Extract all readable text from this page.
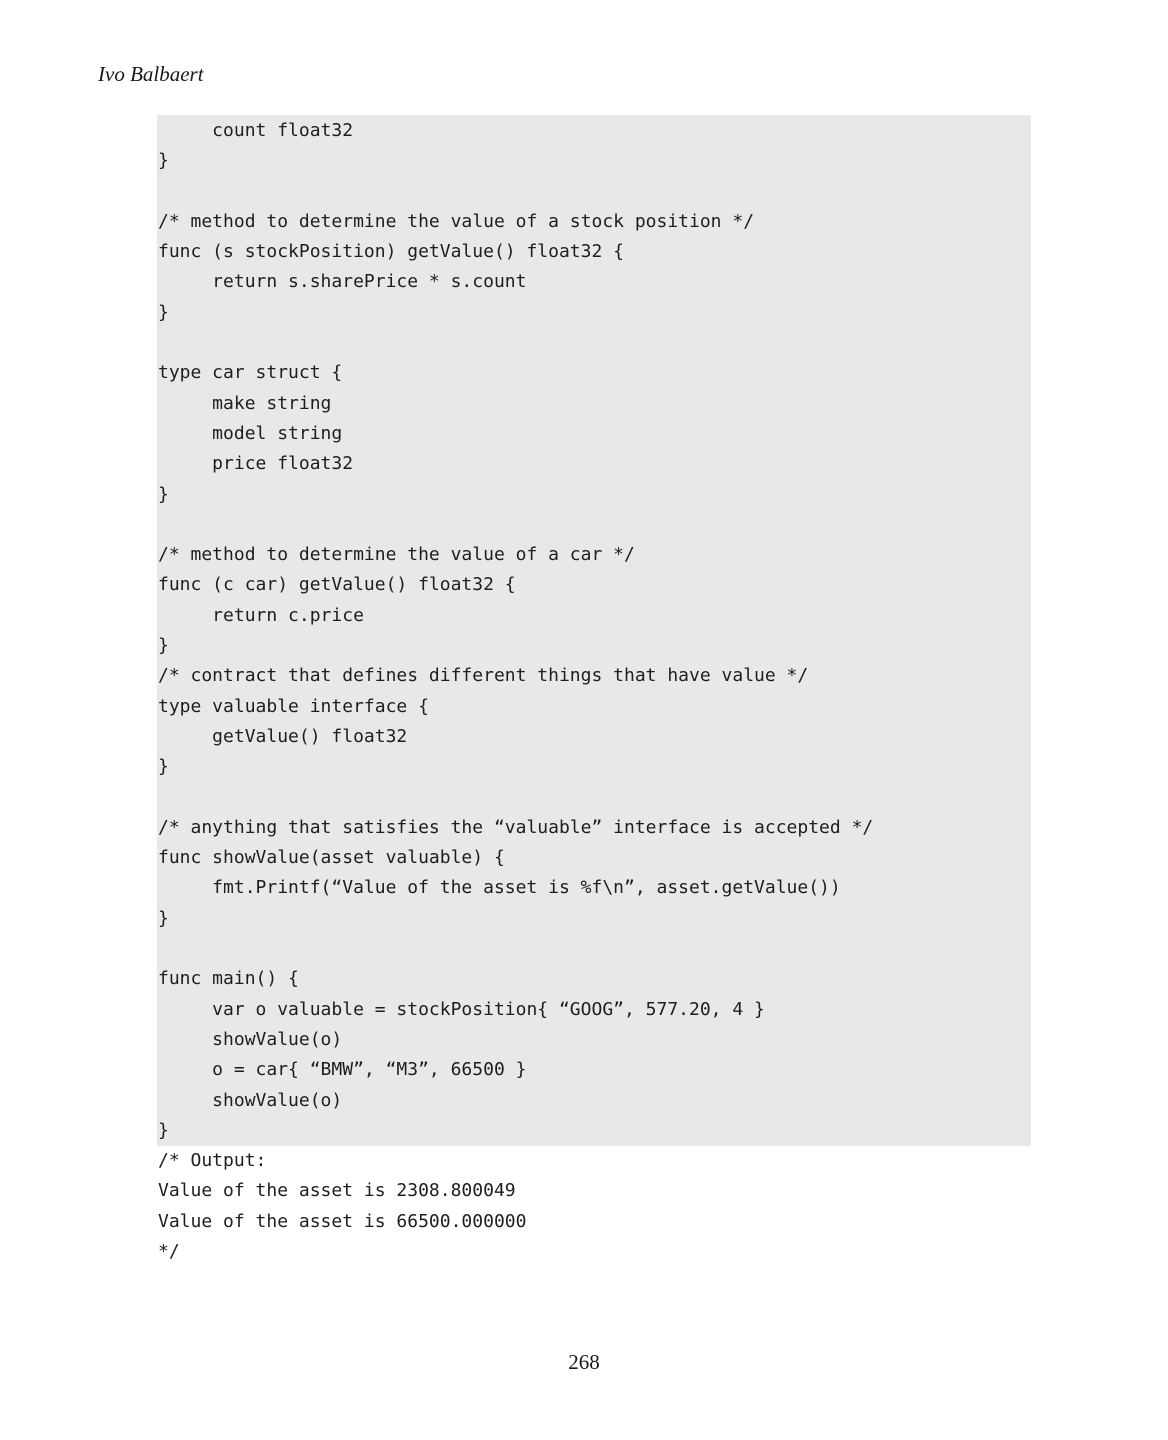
Ivo Balbaert
count float32
}
/* method to determine the value of a stock position */
func (s stockPosition) getValue() float32 {
return s.sharePrice * s.count
}
type car struct {
make string
model string
price float32
}
/* method to determine the value of a car */
func (c car) getValue() float32 {
return c.price
}
/* contract that defines different things that have value */
type valuable interface {
getValue() float32
}
/* anything that satisfies the “valuable” interface is accepted */
func showValue(asset valuable) {
fmt.Printf(“Value of the asset is %f\n”, asset.getValue())
}
func main() {
var o valuable = stockPosition{ “GOOG”, 577.20, 4 }
showValue(o)
o = car{ “BMW”, “M3”, 66500 }
showValue(o)
}
/* Output:
Value of the asset is 2308.800049
Value of the asset is 66500.000000
*/
268
